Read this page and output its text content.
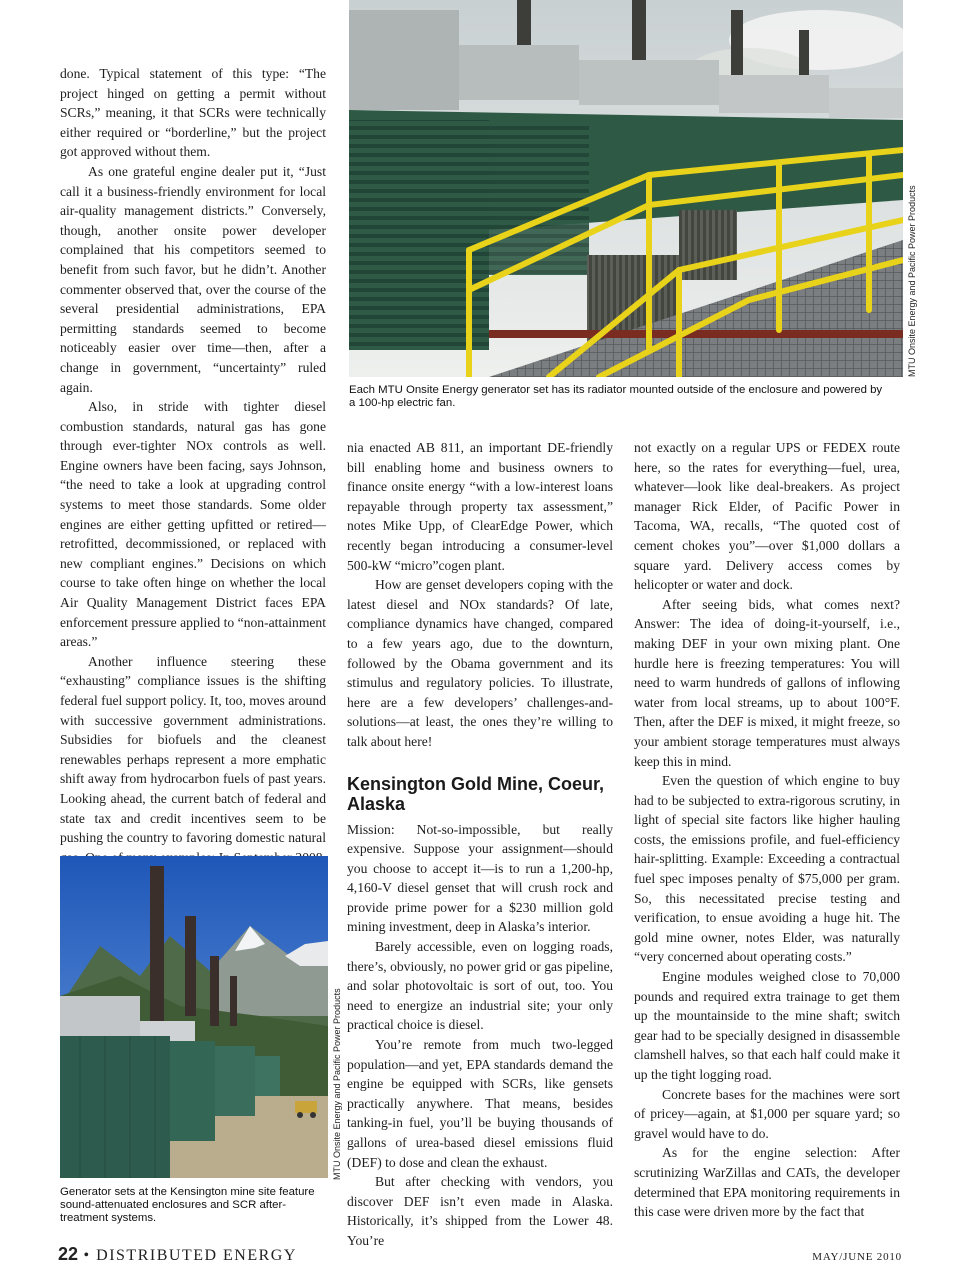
MTU Onsite Energy and Pacific Power Products
Each MTU Onsite Energy generator set has its radiator mounted outside of the enclosure and powered by a 100-hp electric fan.

done. Typical statement of this type: “The project hinged on getting a permit without SCRs,” meaning, it that SCRs were technically either required or “borderline,” but the project got approved without them.

As one grateful engine dealer put it, “Just call it a business-friendly environment for local air-quality management districts.” Conversely, though, another onsite power developer complained that his competitors seemed to benefit from such favor, but he didn’t. Another commenter observed that, over the course of the several presidential administrations, EPA permitting standards seemed to become noticeably easier over time—then, after a change in government, “uncertainty” ruled again.

Also, in stride with tighter diesel combustion standards, natural gas has gone through ever-tighter NOx controls as well. Engine owners have been facing, says Johnson, “the need to take a look at upgrading control systems to meet those standards. Some older engines are either getting upfitted or retired—retrofitted, decommissioned, or replaced with new compliant engines.” Decisions on which course to take often hinge on whether the local Air Quality Management District faces EPA enforcement pressure applied to “non-attainment areas.”

Another influence steering these “exhausting” compliance issues is the shifting federal fuel support policy. It, too, moves around with successive government administrations. Subsidies for biofuels and the cleanest renewables perhaps represent a more emphatic shift away from hydrocarbon fuels of past years. Looking ahead, the current batch of federal and state tax and credit incentives seem to be pushing the country to favoring domestic natural

nia enacted AB 811, an important DE-friendly bill enabling home and business owners to finance onsite energy “with a low-interest loans repayable through property tax assessment,” notes Mike Upp, of ClearEdge Power, which recently began introducing a consumer-level 500-kW “micro”cogen plant.

How are genset developers coping with the latest diesel and NOx standards? Of late, compliance dynamics have changed, compared to a few years ago, due to the downturn, followed by the Obama government and its stimulus and regulatory policies. To illustrate, here are a few developers’ challenges-and-solutions—at least, the ones they’re willing to talk about here!

Kensington Gold Mine, Coeur, Alaska

Mission: Not-so-impossible, but really expensive. Suppose your assignment—should you choose to accept it—is to run a 1,200-hp, 4,160-V diesel genset that will crush rock and provide prime power for a $230 million gold mining investment, deep in Alaska’s interior.

Barely accessible, even on logging roads, there’s, obviously, no power grid or gas pipeline, and solar photovoltaic is sort of out, too. You need to energize an industrial site; your only practical choice is diesel.

You’re remote from much two-legged population—and yet, EPA standards demand the engine be equipped with SCRs, like gensets practically anywhere. That means, besides tanking-in fuel, you’ll be buying thousands of gallons of urea-based diesel emissions fluid (DEF) to dose and clean the exhaust.

But after checking with vendors, you discover DEF isn’t even made in Alaska. Historically, it’s shipped from the Lower 48. You’re

not exactly on a regular UPS or FEDEX route here, so the rates for everything—fuel, urea, whatever—look like deal-breakers. As project manager Rick Elder, of Pacific Power in Tacoma, WA, recalls, “The quoted cost of cement chokes you”—over $1,000 dollars a square yard. Delivery access comes by helicopter or water and dock.

After seeing bids, what comes next? Answer: The idea of doing-it-yourself, i.e., making DEF in your own mixing plant. One hurdle here is freezing temperatures: You will need to warm hundreds of gallons of inflowing water from local streams, up to about 100°F. Then, after the DEF is mixed, it might freeze, so your ambient storage temperatures must always keep this in mind.

Even the question of which engine to buy had to be subjected to extra-rigorous scrutiny, in light of special site factors like higher hauling costs, the emissions profile, and fuel-efficiency hair-splitting. Example: Exceeding a contractual fuel spec imposes penalty of $75,000 per gram. So, this necessitated precise testing and verification, to ensue avoiding a huge hit. The gold mine owner, notes Elder, was naturally “very concerned about operating costs.”

Engine modules weighed close to 70,000 pounds and required extra trainage to get them up the mountainside to the mine shaft; switch gear had to be specially designed in disassemble clamshell halves, so that each half could make it up the tight logging road.

Concrete bases for the machines were sort of pricey—again, at $1,000 per square yard; so gravel would have to do.

As for the engine selection: After scrutinizing WarZillas and CATs, the developer determined that EPA monitoring requirements in this case were driven more by the fact that

MTU Onsite Energy and Pacific Power Products
Generator sets at the Kensington mine site feature sound-attenuated enclosures and SCR after-treatment systems.
22 • DISTRIBUTED ENERGY	MAY/JUNE 2010
